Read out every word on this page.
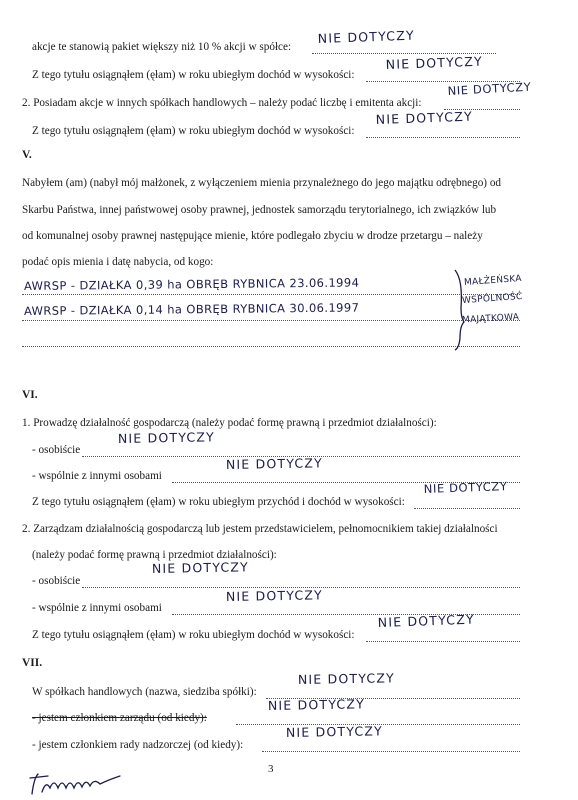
akcje te stanowią pakiet większy niż 10 % akcji w spółce:
NIE DOTYCZY
Z tego tytułu osiągnąłem (ęłam) w roku ubiegłym dochód w wysokości:
NIE DOTYCZY
2. Posiadam akcje w innych spółkach handlowych – należy podać liczbę i emitenta akcji:
NIE DOTYCZY
Z tego tytułu osiągnąłem (ęłam) w roku ubiegłym dochód w wysokości:
NIE DOTYCZY
V.
Nabyłem (am) (nabył mój małżonek, z wyłączeniem mienia przynależnego do jego majątku odrębnego) od
Skarbu Państwa, innej państwowej osoby prawnej, jednostek samorządu terytorialnego, ich związków lub
od komunalnej osoby prawnej następujące mienie, które podlegało zbyciu w drodze przetargu – należy
podać opis mienia i datę nabycia, od kogo:
AWRSP - DZIAŁKA 0,39 ha OBRĘB RYBNICA 23.06.1994
AWRSP - DZIAŁKA 0,14 ha OBRĘB RYBNICA 30.06.1997
MAŁŻEŃSKA
WSPÓLNOŚĆ
MAJĄTKOWA
VI.
1. Prowadzę działalność gospodarczą (należy podać formę prawną i przedmiot działalności):
- osobiście
NIE DOTYCZY
- wspólnie z innymi osobami
NIE DOTYCZY
Z tego tytułu osiągnąłem (ęłam) w roku ubiegłym przychód i dochód w wysokości:
NIE DOTYCZY
2. Zarządzam działalnością gospodarczą lub jestem przedstawicielem, pełnomocnikiem takiej działalności
(należy podać formę prawną i przedmiot działalności):
- osobiście
NIE DOTYCZY
- wspólnie z innymi osobami
NIE DOTYCZY
Z tego tytułu osiągnąłem (ęłam) w roku ubiegłym dochód w wysokości:
NIE DOTYCZY
VII.
W spółkach handlowych (nazwa, siedziba spółki):
NIE DOTYCZY
- jestem członkiem zarządu (od kiedy):
NIE DOTYCZY
- jestem członkiem rady nadzorczej (od kiedy):
NIE DOTYCZY
3
